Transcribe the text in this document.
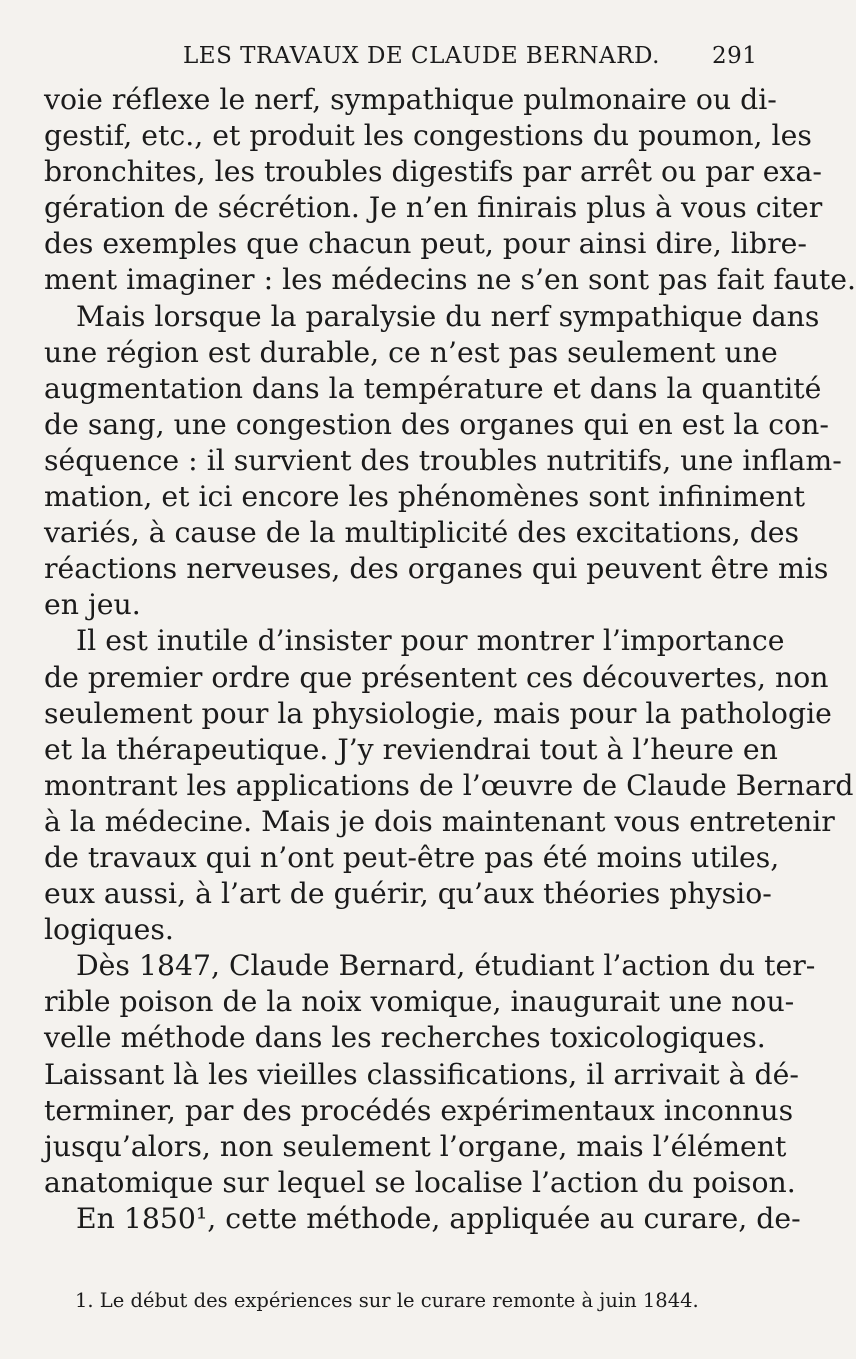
LES TRAVAUX DE CLAUDE BERNARD. 291
voie réflexe le nerf, sympathique pulmonaire ou di-
gestif, etc., et produit les congestions du poumon, les
bronchites, les troubles digestifs par arrêt ou par exa-
gération de sécrétion. Je n’en finirais plus à vous citer
des exemples que chacun peut, pour ainsi dire, libre-
ment imaginer : les médecins ne s’en sont pas fait faute.
Mais lorsque la paralysie du nerf sympathique dans
une région est durable, ce n’est pas seulement une
augmentation dans la température et dans la quantité
de sang, une congestion des organes qui en est la con-
séquence : il survient des troubles nutritifs, une inflam-
mation, et ici encore les phénomènes sont infiniment
variés, à cause de la multiplicité des excitations, des
réactions nerveuses, des organes qui peuvent être mis
en jeu.
Il est inutile d’insister pour montrer l’importance
de premier ordre que présentent ces découvertes, non
seulement pour la physiologie, mais pour la pathologie
et la thérapeutique. J’y reviendrai tout à l’heure en
montrant les applications de l’œuvre de Claude Bernard
à la médecine. Mais je dois maintenant vous entretenir
de travaux qui n’ont peut-être pas été moins utiles,
eux aussi, à l’art de guérir, qu’aux théories physio-
logiques.
Dès 1847, Claude Bernard, étudiant l’action du ter-
rible poison de la noix vomique, inaugurait une nou-
velle méthode dans les recherches toxicologiques.
Laissant là les vieilles classifications, il arrivait à dé-
terminer, par des procédés expérimentaux inconnus
jusqu’alors, non seulement l’organe, mais l’élément
anatomique sur lequel se localise l’action du poison.
En 1850¹, cette méthode, appliquée au curare, de-
1. Le début des expériences sur le curare remonte à juin 1844.
